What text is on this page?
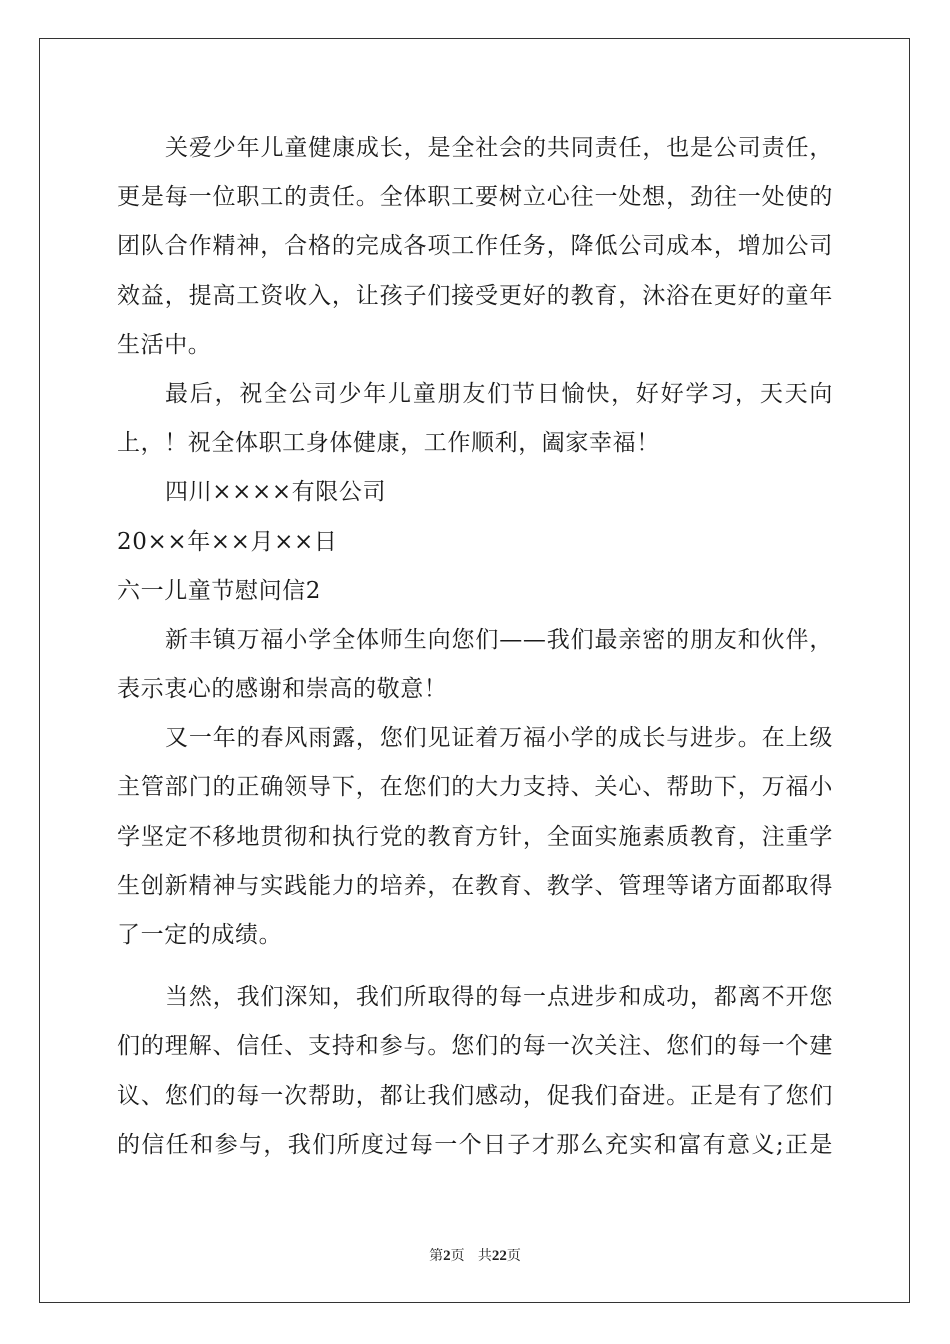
关爱少年儿童健康成长，是全社会的共同责任，也是公司责任，
更是每一位职工的责任。全体职工要树立心往一处想，劲往一处使的
团队合作精神，合格的完成各项工作任务，降低公司成本，增加公司
效益，提高工资收入，让孩子们接受更好的教育，沐浴在更好的童年
生活中。
最后，祝全公司少年儿童朋友们节日愉快，好好学习，天天向
上，！祝全体职工身体健康，工作顺利，阖家幸福！
四川××××有限公司
20××年××月××日
六一儿童节慰问信2
新丰镇万福小学全体师生向您们——我们最亲密的朋友和伙伴，
表示衷心的感谢和崇高的敬意！
又一年的春风雨露，您们见证着万福小学的成长与进步。在上级
主管部门的正确领导下，在您们的大力支持、关心、帮助下，万福小
学坚定不移地贯彻和执行党的教育方针，全面实施素质教育，注重学
生创新精神与实践能力的培养，在教育、教学、管理等诸方面都取得
了一定的成绩。
当然，我们深知，我们所取得的每一点进步和成功，都离不开您
们的理解、信任、支持和参与。您们的每一次关注、您们的每一个建
议、您们的每一次帮助，都让我们感动，促我们奋进。正是有了您们
的信任和参与，我们所度过每一个日子才那么充实和富有意义;正是
第2页 共22页
